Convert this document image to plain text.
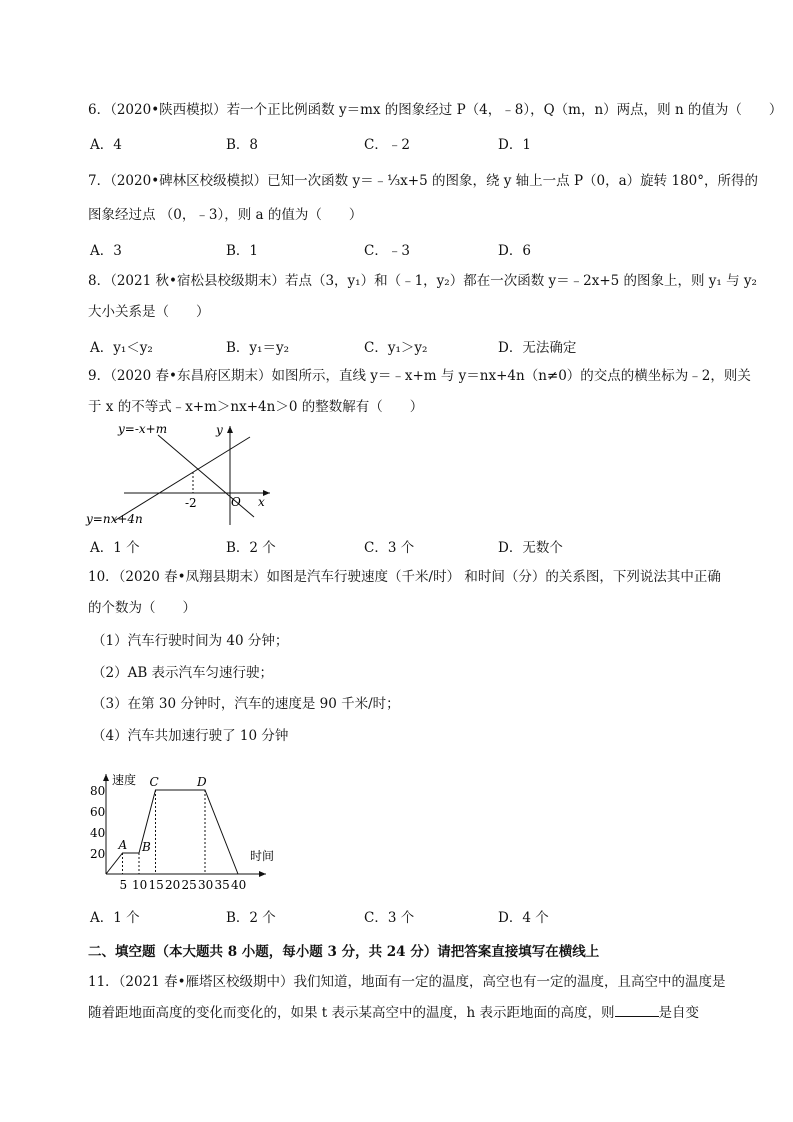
6．（2020•陕西模拟）若一个正比例函数 y＝mx 的图象经过 P（4，﹣8），Q（m，n）两点，则 n 的值为（　　）
A．4	B．8	C．﹣2	D．1
7．（2020•碑林区校级模拟）已知一次函数 y＝﹣⅓x+5 的图象，绕 y 轴上一点 P（0，a）旋转 180°，所得的
图象经过点 （0，﹣3），则 a 的值为（　　）
A．3	B．1	C．﹣3	D．6
8．（2021 秋•宿松县校级期末）若点（3，y₁）和（﹣1，y₂）都在一次函数 y＝﹣2x+5 的图象上，则 y₁ 与 y₂
大小关系是（　　）
A．y₁＜y₂	B．y₁＝y₂	C．y₁＞y₂	D．无法确定
9．（2020 春•东昌府区期末）如图所示，直线 y＝﹣x+m 与 y＝nx+4n（n≠0）的交点的横坐标为﹣2，则关
于 x 的不等式﹣x+m＞nx+4n＞0 的整数解有（　　）
y=-x+m
y=nx+4n
y
x
O
-2
A．1 个	B．2 个	C．3 个	D．无数个
10．（2020 春•凤翔县期末）如图是汽车行驶速度（千米/时） 和时间（分）的关系图，下列说法其中正确
的个数为（　　）
（1）汽车行驶时间为 40 分钟；
（2）AB 表示汽车匀速行驶；
（3）在第 30 分钟时，汽车的速度是 90 千米/时；
（4）汽车共加速行驶了 10 分钟
速度
时间
20
40
60
80
5 10 15 20 25 30 35 40
A B
C	D
A．1 个	B．2 个	C．3 个	D．4 个
二、填空题（本大题共 8 小题，每小题 3 分，共 24 分）请把答案直接填写在横线上
11．（2021 春•雁塔区校级期中）我们知道，地面有一定的温度，高空也有一定的温度，且高空中的温度是
随着距地面高度的变化而变化的，如果 t 表示某高空中的温度，h 表示距地面的高度，则	是自变
